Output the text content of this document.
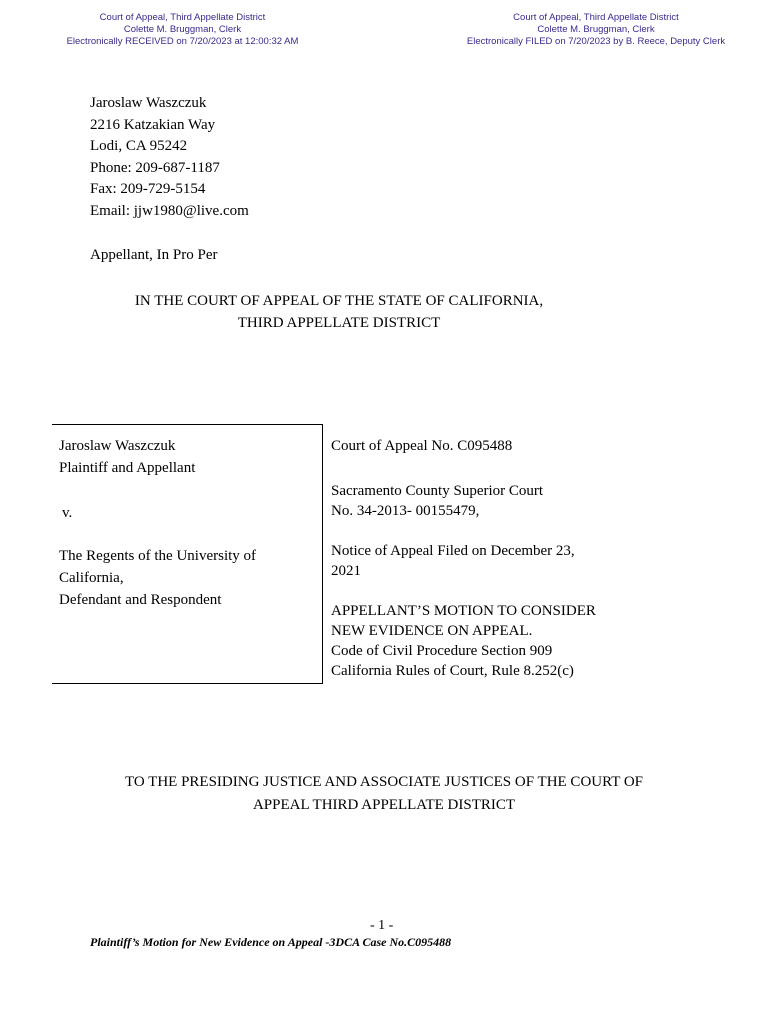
Court of Appeal, Third Appellate District
Colette M. Bruggman, Clerk
Electronically RECEIVED on 7/20/2023 at 12:00:32 AM
Court of Appeal, Third Appellate District
Colette M. Bruggman, Clerk
Electronically FILED on 7/20/2023 by B. Reece, Deputy Clerk
Jaroslaw Waszczuk
2216 Katzakian Way
Lodi, CA 95242
Phone: 209-687-1187
Fax: 209-729-5154
Email: jjw1980@live.com
Appellant, In Pro Per
IN THE COURT OF APPEAL OF THE STATE OF CALIFORNIA,
THIRD APPELLATE DISTRICT
Jaroslaw Waszczuk
Plaintiff and Appellant
v.
The Regents of the University of
California,
Defendant and Respondent
Court of Appeal No. C095488
Sacramento County Superior Court
No. 34-2013- 00155479,
Notice of Appeal Filed on December 23,
2021
APPELLANT’S MOTION TO CONSIDER
NEW EVIDENCE ON APPEAL.
Code of Civil Procedure Section 909
California Rules of Court, Rule 8.252(c)
TO THE PRESIDING JUSTICE AND ASSOCIATE JUSTICES OF THE COURT OF
APPEAL THIRD APPELLATE DISTRICT
- 1 -
Plaintiff’s Motion for New Evidence on Appeal -3DCA Case No.C095488
